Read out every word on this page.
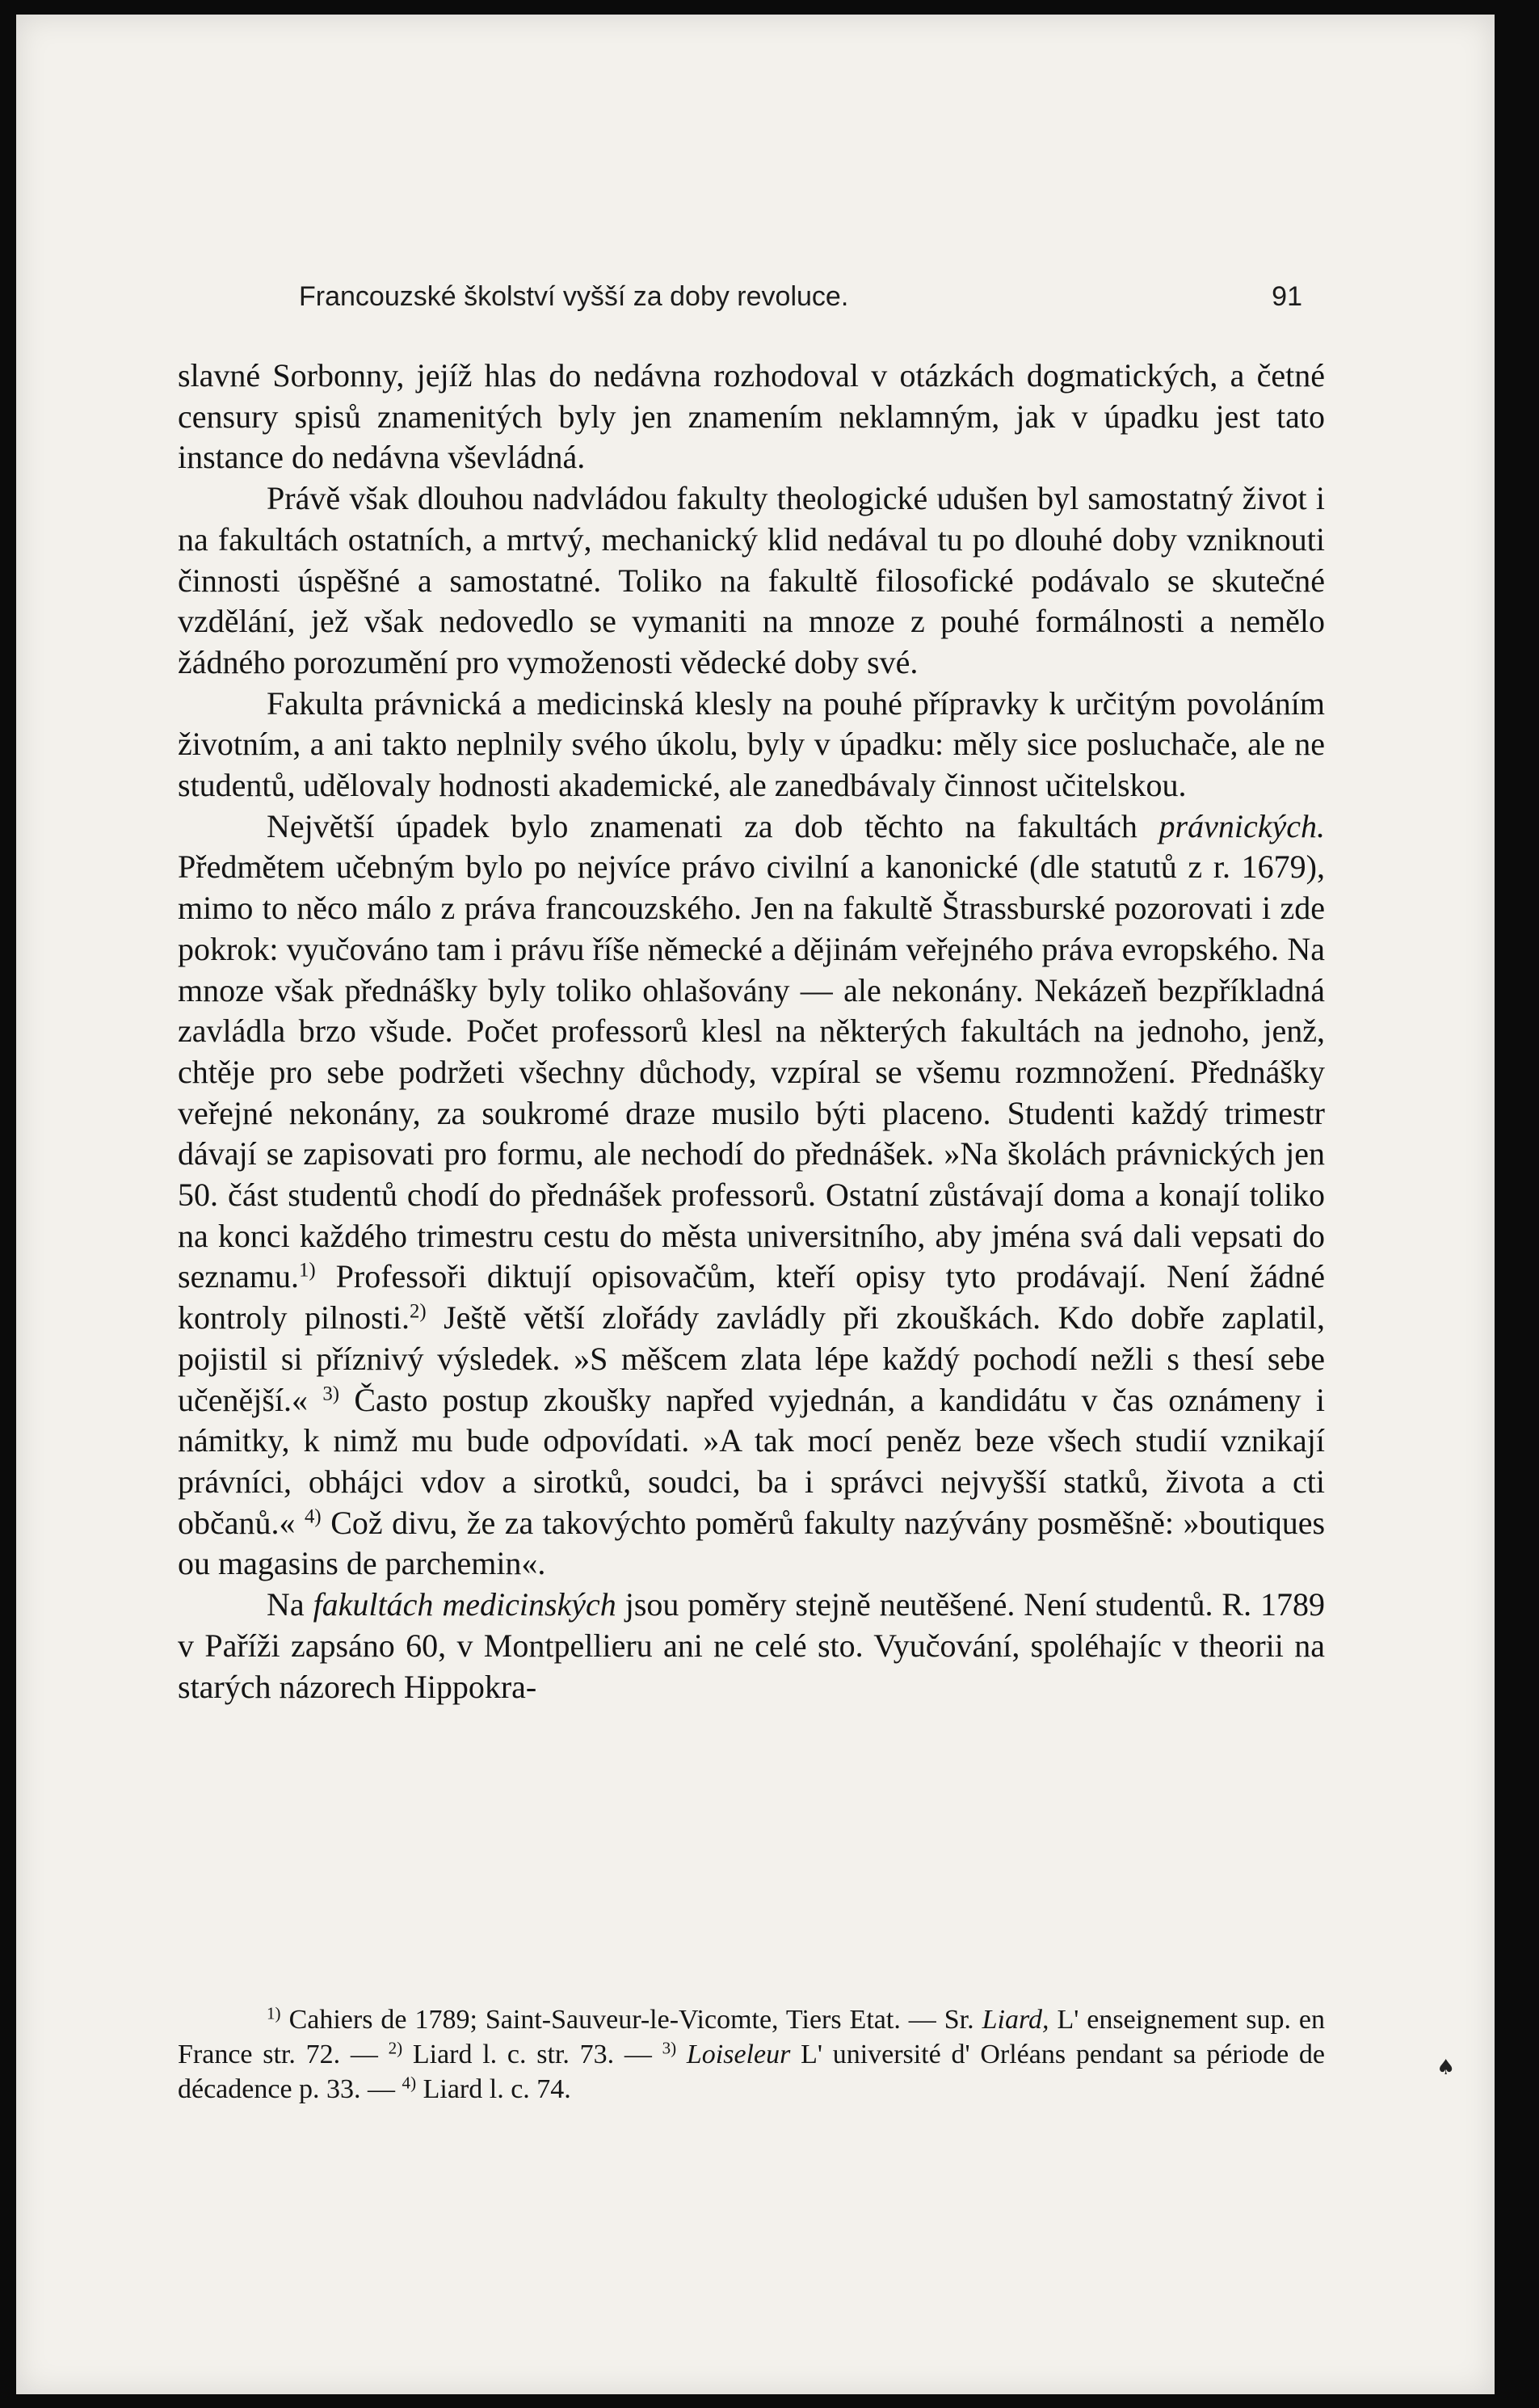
Francouzské školství vyšší za doby revoluce.	91

slavné Sorbonny, jejíž hlas do nedávna rozhodoval v otázkách dogmatických, a četné censury spisů znamenitých byly jen znamením neklamným, jak v úpadku jest tato instance do nedávna vševládná.

Právě však dlouhou nadvládou fakulty theologické udušen byl samostatný život i na fakultách ostatních, a mrtvý, mechanický klid nedával tu po dlouhé doby vzniknouti činnosti úspěšné a samostatné. Toliko na fakultě filosofické podávalo se skutečné vzdělání, jež však nedovedlo se vymaniti na mnoze z pouhé formálnosti a nemělo žádného porozumění pro vymoženosti vědecké doby své.

Fakulta právnická a medicinská klesly na pouhé přípravky k určitým povoláním životním, a ani takto neplnily svého úkolu, byly v úpadku: měly sice posluchače, ale ne studentů, udělovaly hodnosti akademické, ale zanedbávaly činnost učitelskou.

Největší úpadek bylo znamenati za dob těchto na fakultách právnických. Předmětem učebným bylo po nejvíce právo civilní a kanonické (dle statutů z r. 1679), mimo to něco málo z práva francouzského. Jen na fakultě Štrassburské pozorovati i zde pokrok: vyučováno tam i právu říše německé a dějinám veřejného práva evropského. Na mnoze však přednášky byly toliko ohlašovány — ale nekonány. Nekázeň bezpříkladná zavládla brzo všude. Počet professorů klesl na některých fakultách na jednoho, jenž, chtěje pro sebe podržeti všechny důchody, vzpíral se všemu rozmnožení. Přednášky veřejné nekonány, za soukromé draze musilo býti placeno. Studenti každý trimestr dávají se zapisovati pro formu, ale nechodí do přednášek. »Na školách právnických jen 50. část studentů chodí do přednášek professorů. Ostatní zůstávají doma a konají toliko na konci každého trimestru cestu do města universitního, aby jména svá dali vepsati do seznamu.$^{1)}$ Professoři diktují opisovačům, kteří opisy tyto prodávají. Není žádné kontroly pilnosti.$^{2)}$ Ještě větší zlořády zavládly při zkouškách. Kdo dobře zaplatil, pojistil si příznivý výsledek. »S měšcem zlata lépe každý pochodí nežli s thesí sebe učenější.« $^{3)}$ Často postup zkoušky napřed vyjednán, a kandidátu v čas oznámeny i námitky, k nimž mu bude odpovídati. »A tak mocí peněz beze všech studií vznikají právníci, obhájci vdov a sirotků, soudci, ba i správci nejvyšší statků, života a cti občanů.« $^{4)}$ Což divu, že za takovýchto poměrů fakulty nazývány posměšně: »boutiques ou magasins de parchemin«.

Na fakultách medicinských jsou poměry stejně neutěšené. Není studentů. R. 1789 v Paříži zapsáno 60, v Montpellieru ani ne celé sto. Vyučování, spoléhajíc v theorii na starých názorech Hippokra-

$^{1)}$ Cahiers de 1789; Saint-Sauveur-le-Vicomte, Tiers Etat. — Sr. Liard, L' enseignement sup. en France str. 72. — $^{2)}$ Liard l. c. str. 73. — $^{3)}$ Loiseleur L' université d' Orléans pendant sa période de décadence p. 33. — $^{4)}$ Liard l. c. 74.

♠
